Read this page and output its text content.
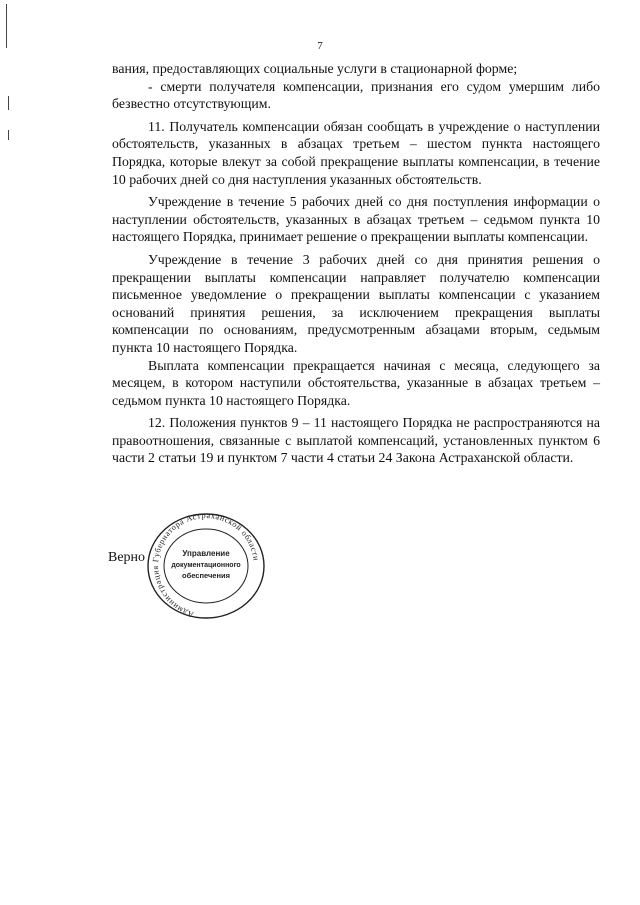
7

вания, предоставляющих социальные услуги в стационарной форме;

- смерти получателя компенсации, признания его судом умершим либо безвестно отсутствующим.

11. Получатель компенсации обязан сообщать в учреждение о наступлении обстоятельств, указанных в абзацах третьем – шестом пункта настоящего Порядка, которые влекут за собой прекращение выплаты компенсации, в течение 10 рабочих дней со дня наступления указанных обстоятельств.

Учреждение в течение 5 рабочих дней со дня поступления информации о наступлении обстоятельств, указанных в абзацах третьем – седьмом пункта 10 настоящего Порядка, принимает решение о прекращении выплаты компенсации.

Учреждение в течение 3 рабочих дней со дня принятия решения о прекращении выплаты компенсации направляет получателю компенсации письменное уведомление о прекращении выплаты компенсации с указанием оснований принятия решения, за исключением прекращения выплаты компенсации по основаниям, предусмотренным абзацами вторым, седьмым пункта 10 настоящего Порядка.

Выплата компенсации прекращается начиная с месяца, следующего за месяцем, в котором наступили обстоятельства, указанные в абзацах третьем – седьмом пункта 10 настоящего Порядка.

12. Положения пунктов 9 – 11 настоящего Порядка не распространяются на правоотношения, связанные с выплатой компенсаций, установленных пунктом 6 части 2 статьи 19 и пунктом 7 части 4 статьи 24 Закона Астраханской области.

Верно
Администрация Губернатора Астраханской области
Управление
документационного
обеспечения
